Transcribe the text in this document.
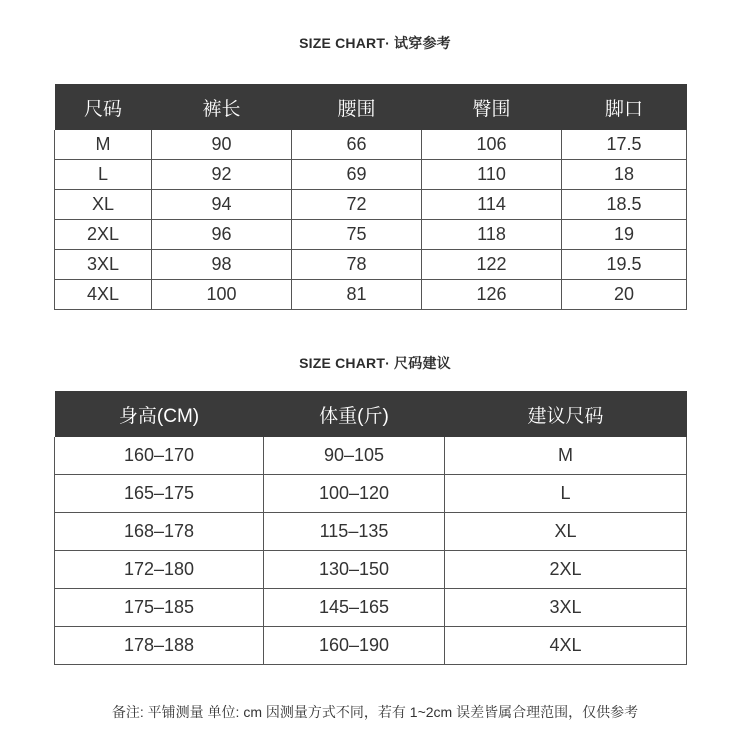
SIZE CHART· 试穿参考
尺码	裤长	腰围	臀围	脚口
M	90	66	106	17.5
L	92	69	110	18
XL	94	72	114	18.5
2XL	96	75	118	19
3XL	98	78	122	19.5
4XL	100	81	126	20
SIZE CHART· 尺码建议
身高(CM)	体重(斤)	建议尺码
160–170	90–105	M
165–175	100–120	L
168–178	115–135	XL
172–180	130–150	2XL
175–185	145–165	3XL
178–188	160–190	4XL
备注: 平铺测量 单位: cm 因测量方式不同，若有 1~2cm 误差皆属合理范围，仅供参考
